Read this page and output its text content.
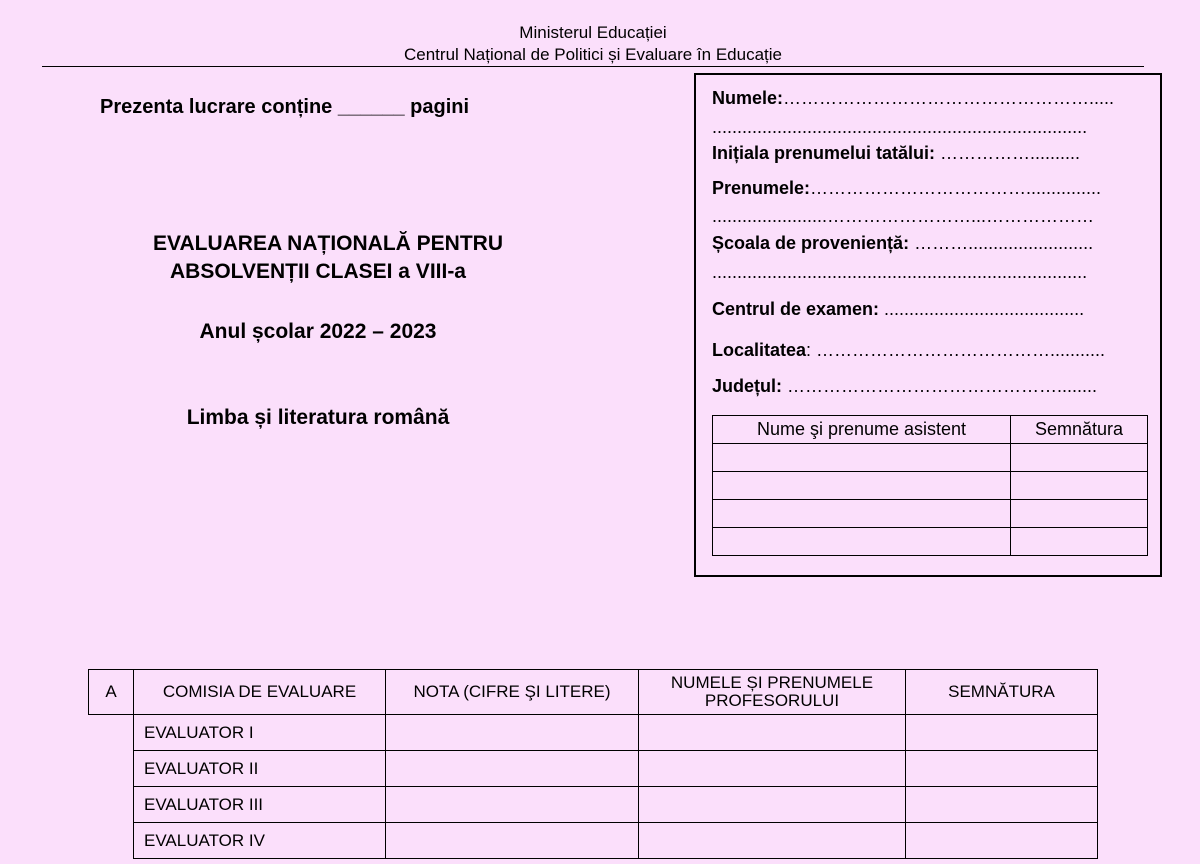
Ministerul Educației
Centrul Național de Politici și Evaluare în Educație
Prezenta lucrare conține ______ pagini
EVALUAREA NAȚIONALĂ PENTRU
ABSOLVENȚII CLASEI a VIII-a
Anul școlar 2022 – 2023
Limba și literatura română
Numele:…………………………………………….....
...........................................................................
Inițiala prenumelui tatălui: ……………..........
Prenumele:………………………………...............
.......................……………………...………………
Școala de proveniență: ……….........................
...........................................................................
Centrul de examen: ........................................
Localitatea: …………………………………...........
Județul: ………………………………………........
Nume şi prenume asistent	Semnătura

A	COMISIA DE EVALUARE	NOTA (CIFRE ŞI LITERE)	NUMELE ȘI PRENUMELE PROFESORULUI	SEMNĂTURA
	EVALUATOR I			
	EVALUATOR II			
	EVALUATOR III			
	EVALUATOR IV			
